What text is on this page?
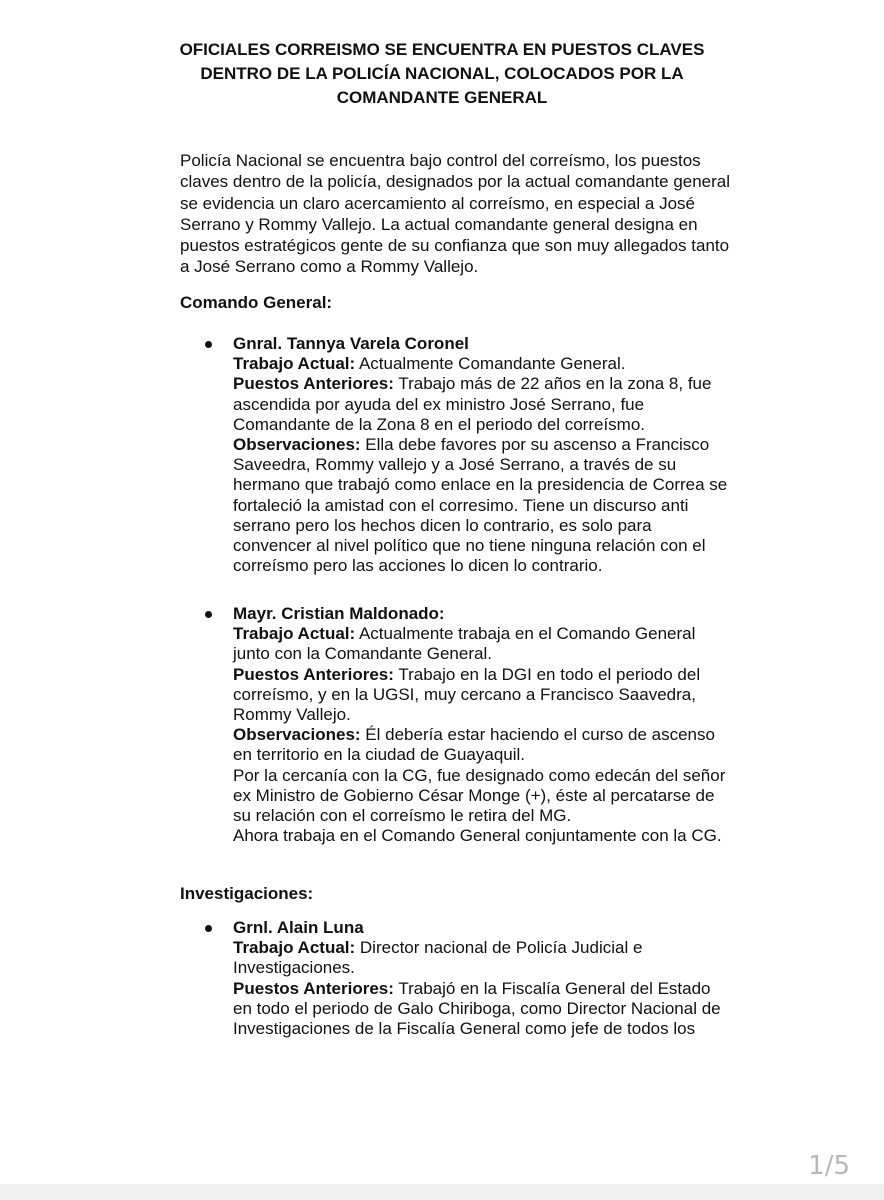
OFICIALES CORREISMO SE ENCUENTRA EN PUESTOS CLAVES
DENTRO DE LA POLICÍA NACIONAL, COLOCADOS POR LA
COMANDANTE GENERAL
Policía Nacional se encuentra bajo control del correísmo, los puestos
claves dentro de la policía, designados por la actual comandante general
se evidencia un claro acercamiento al correísmo, en especial a José
Serrano y Rommy Vallejo. La actual comandante general designa en
puestos estratégicos gente de su confianza que son muy allegados tanto
a José Serrano como a Rommy Vallejo.
Comando General:
Gnral. Tannya Varela Coronel
Trabajo Actual: Actualmente Comandante General.
Puestos Anteriores: Trabajo más de 22 años en la zona 8, fue
ascendida por ayuda del ex ministro José Serrano, fue
Comandante de la Zona 8 en el periodo del correísmo.
Observaciones: Ella debe favores por su ascenso a Francisco
Saveedra, Rommy vallejo y a José Serrano, a través de su
hermano que trabajó como enlace en la presidencia de Correa se
fortaleció la amistad con el corresimo. Tiene un discurso anti
serrano pero los hechos dicen lo contrario, es solo para
convencer al nivel político que no tiene ninguna relación con el
correísmo pero las acciones lo dicen lo contrario.
Mayr. Cristian Maldonado:
Trabajo Actual: Actualmente trabaja en el Comando General
junto con la Comandante General.
Puestos Anteriores: Trabajo en la DGI en todo el periodo del
correísmo, y en la UGSI, muy cercano a Francisco Saavedra,
Rommy Vallejo.
Observaciones: Él debería estar haciendo el curso de ascenso
en territorio en la ciudad de Guayaquil.
Por la cercanía con la CG, fue designado como edecán del señor
ex Ministro de Gobierno César Monge (+), éste al percatarse de
su relación con el correísmo le retira del MG.
Ahora trabaja en el Comando General conjuntamente con la CG.
Investigaciones:
Grnl. Alain Luna
Trabajo Actual: Director nacional de Policía Judicial e
Investigaciones.
Puestos Anteriores: Trabajó en la Fiscalía General del Estado
en todo el periodo de Galo Chiriboga, como Director Nacional de
Investigaciones de la Fiscalía General como jefe de todos los
1/5
